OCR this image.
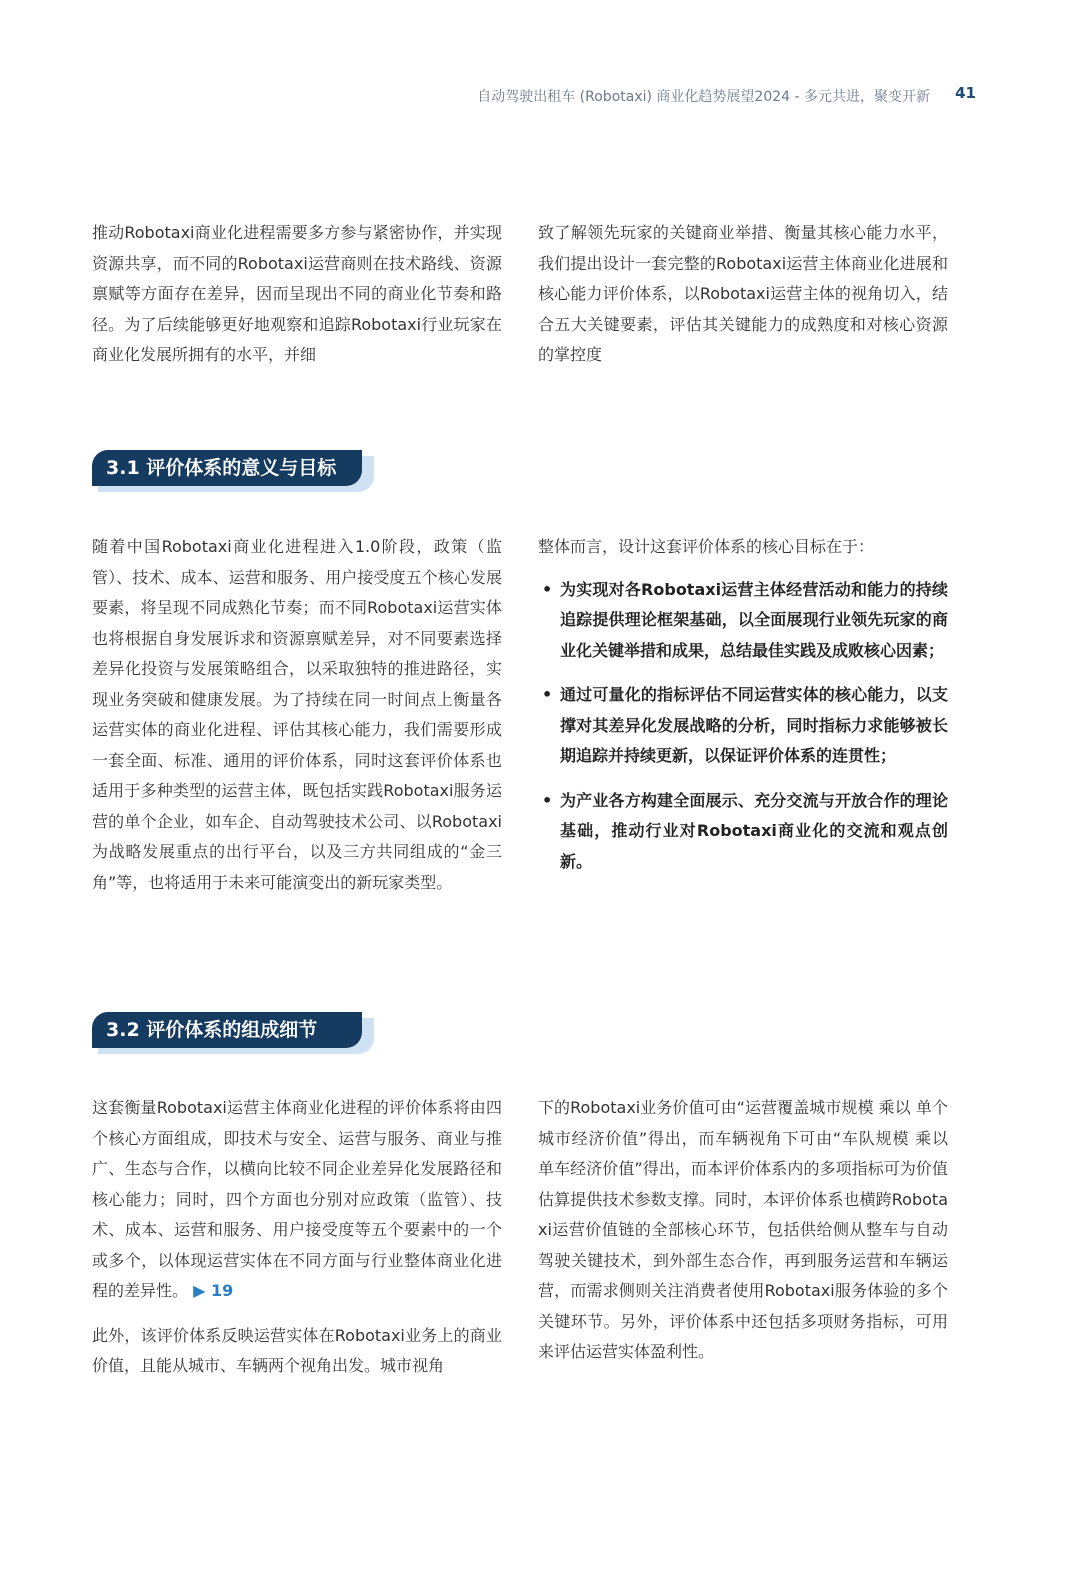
自动驾驶出租车 (Robotaxi) 商业化趋势展望2024 - 多元共进，聚变开新 41

推动Robotaxi商业化进程需要多方参与紧密协作，并实现资源共享，而不同的Robotaxi运营商则在技术路线、资源禀赋等方面存在差异，因而呈现出不同的商业化节奏和路径。为了后续能够更好地观察和追踪Robotaxi行业玩家在商业化发展所拥有的水平，并细

致了解领先玩家的关键商业举措、衡量其核心能力水平，我们提出设计一套完整的Robotaxi运营主体商业化进展和核心能力评价体系，以Robotaxi运营主体的视角切入，结合五大关键要素，评估其关键能力的成熟度和对核心资源的掌控度

3.1 评价体系的意义与目标

随着中国Robotaxi商业化进程进入1.0阶段，政策（监管）、技术、成本、运营和服务、用户接受度五个核心发展要素，将呈现不同成熟化节奏；而不同Robotaxi运营实体也将根据自身发展诉求和资源禀赋差异，对不同要素选择差异化投资与发展策略组合，以采取独特的推进路径，实现业务突破和健康发展。为了持续在同一时间点上衡量各运营实体的商业化进程、评估其核心能力，我们需要形成一套全面、标准、通用的评价体系，同时这套评价体系也适用于多种类型的运营主体，既包括实践Robotaxi服务运营的单个企业，如车企、自动驾驶技术公司、以Robotaxi为战略发展重点的出行平台，以及三方共同组成的“金三角”等，也将适用于未来可能演变出的新玩家类型。

整体而言，设计这套评价体系的核心目标在于：

• 为实现对各Robotaxi运营主体经营活动和能力的持续追踪提供理论框架基础，以全面展现行业领先玩家的商业化关键举措和成果，总结最佳实践及成败核心因素；
• 通过可量化的指标评估不同运营实体的核心能力，以支撑对其差异化发展战略的分析，同时指标力求能够被长期追踪并持续更新，以保证评价体系的连贯性；
• 为产业各方构建全面展示、充分交流与开放合作的理论基础，推动行业对Robotaxi商业化的交流和观点创新。
3.2 评价体系的组成细节

这套衡量Robotaxi运营主体商业化进程的评价体系将由四个核心方面组成，即技术与安全、运营与服务、商业与推广、生态与合作，以横向比较不同企业差异化发展路径和核心能力；同时，四个方面也分别对应政策（监管）、技术、成本、运营和服务、用户接受度等五个要素中的一个或多个，以体现运营实体在不同方面与行业整体商业化进程的差异性。 ▶ 19

此外，该评价体系反映运营实体在Robotaxi业务上的商业价值，且能从城市、车辆两个视角出发。城市视角

下的Robotaxi业务价值可由“运营覆盖城市规模 乘以 单个城市经济价值”得出，而车辆视角下可由“车队规模 乘以 单车经济价值”得出，而本评价体系内的多项指标可为价值估算提供技术参数支撑。同时，本评价体系也横跨Robotaxi运营价值链的全部核心环节，包括供给侧从整车与自动驾驶关键技术，到外部生态合作，再到服务运营和车辆运营，而需求侧则关注消费者使用Robotaxi服务体验的多个关键环节。另外，评价体系中还包括多项财务指标，可用来评估运营实体盈利性。
